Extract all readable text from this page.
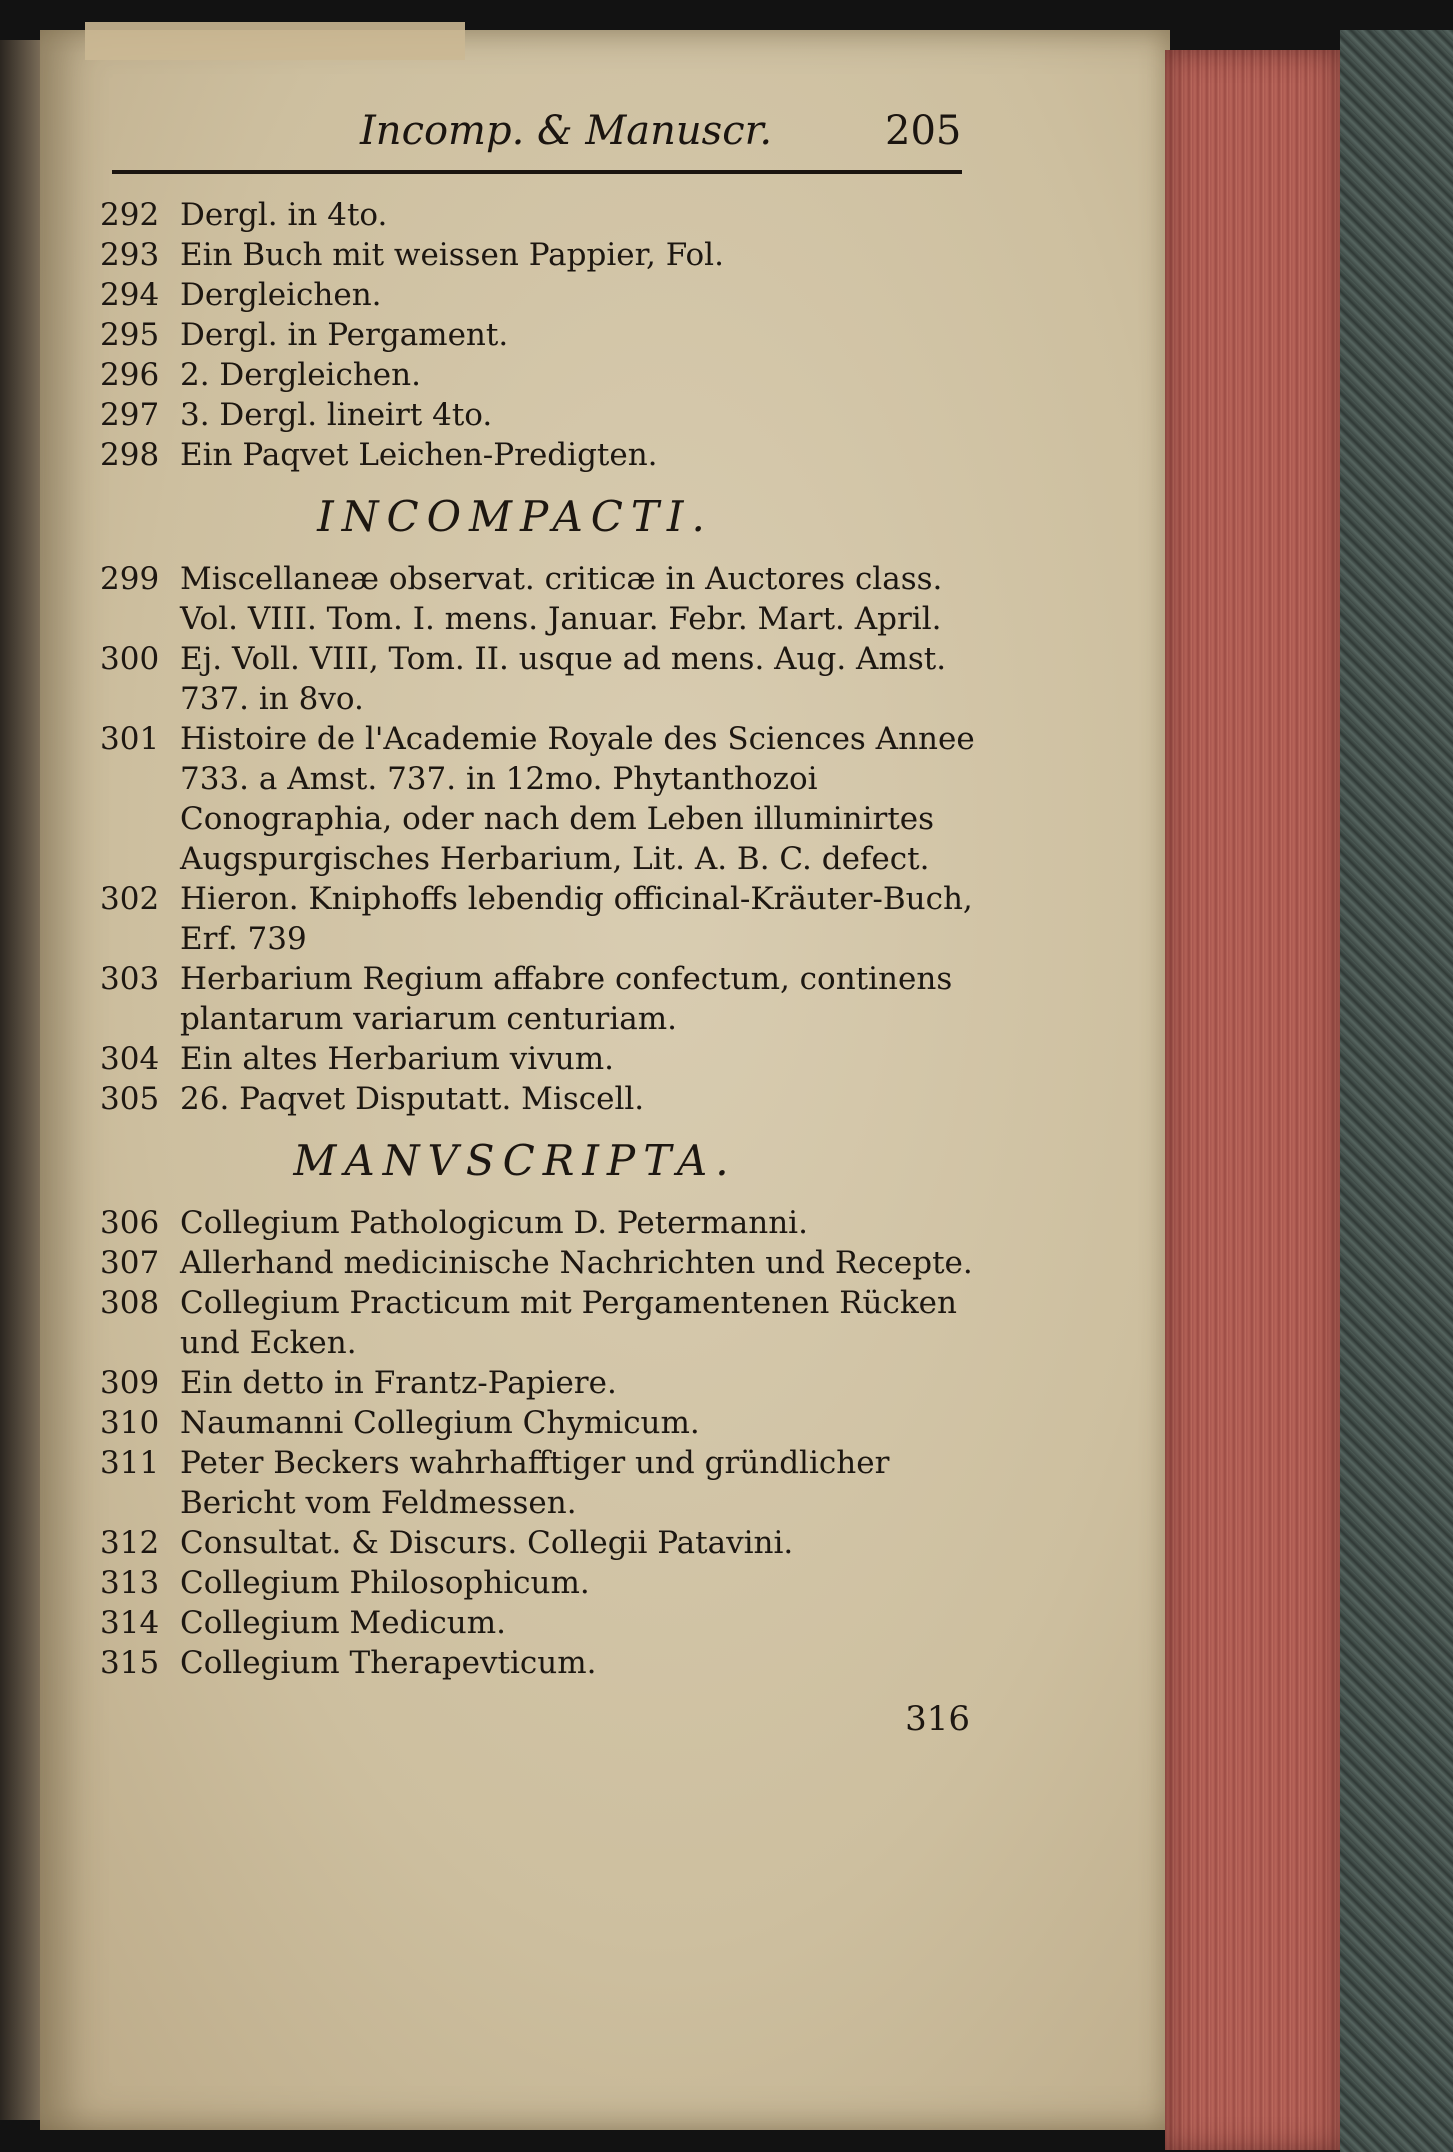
Incomp. & Manuscr.	205
292 Dergl. in 4to.
293 Ein Buch mit weissen Pappier, Fol.
294 Dergleichen.
295 Dergl. in Pergament.
296 2. Dergleichen.
297 3. Dergl. lineirt 4to.
298 Ein Paqvet Leichen-Predigten.
INCOMPACTI.
299 Miscellaneæ observat. criticæ in Auctores class. Vol. VIII. Tom. I. mens. Januar. Febr. Mart. April.
300 Ej. Voll. VIII, Tom. II. usque ad mens. Aug. Amst. 737. in 8vo.
301 Histoire de l'Academie Royale des Sciences Annee 733. a Amst. 737. in 12mo. Phytanthozoi Conographia, oder nach dem Leben illuminirtes Augspurgisches Herbarium, Lit. A. B. C. defect.
302 Hieron. Kniphoffs lebendig officinal-Kräuter-Buch, Erf. 739
303 Herbarium Regium affabre confectum, continens plantarum variarum centuriam.
304 Ein altes Herbarium vivum.
305 26. Paqvet Disputatt. Miscell.
MANVSCRIPTA.
306 Collegium Pathologicum D. Petermanni.
307 Allerhand medicinische Nachrichten und Recepte.
308 Collegium Practicum mit Pergamentenen Rücken und Ecken.
309 Ein detto in Frantz-Papiere.
310 Naumanni Collegium Chymicum.
311 Peter Beckers wahrhafftiger und gründlicher Bericht vom Feldmessen.
312 Consultat. & Discurs. Collegii Patavini.
313 Collegium Philosophicum.
314 Collegium Medicum.
315 Collegium Therapevticum.
316
